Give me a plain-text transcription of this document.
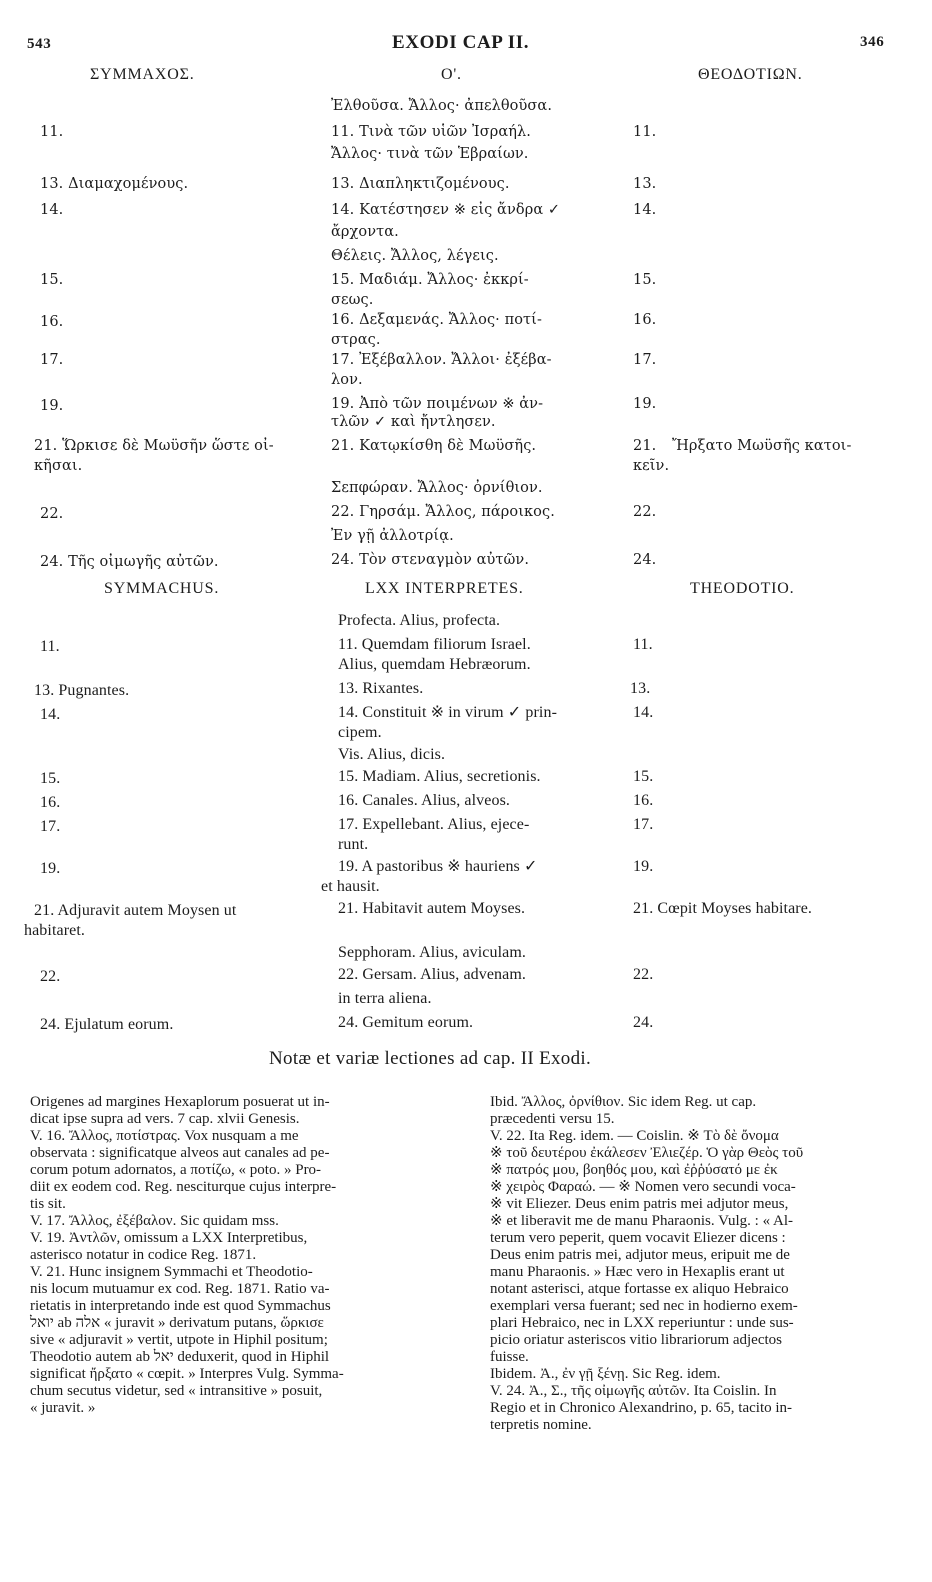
543	EXODI CAP II.	346
ΣΥΜΜΑΧΟΣ.	Ο'.	ΘΕΟΔΟΤΙΩΝ.
Ἐλθοῦσα. Ἄλλος· ἀπελθοῦσα.
11.	11. Τινὰ τῶν υἱῶν Ἰσραήλ.	11.
Ἄλλος· τινὰ τῶν Ἑβραίων.
13. Διαμαχομένους.	13. Διαπληκτιζομένους.	13.
14.	14. Κατέστησεν ※ εἰς ἄνδρα ✓	14.
ἄρχοντα.
Θέλεις. Ἄλλος, λέγεις.
15.	15. Μαδιάμ. Ἄλλος· ἐκκρί-	15.
σεως.
16.	16. Δεξαμενάς. Ἄλλος· ποτί-	16.
στρας.
17.	17. Ἐξέβαλλον. Ἄλλοι· ἐξέβα-	17.
λον.
19.	19. Ἀπὸ τῶν ποιμένων ※ ἀν-	19.
τλῶν ✓ καὶ ἤντλησεν.
21. Ὥρκισε δὲ Μωϋσῆν ὥστε οἰ-	21. Κατῳκίσθη δὲ Μωϋσῆς.	21. Ἤρξατο Μωϋσῆς κατοι-
κῆσαι.	κεῖν.
Σεπφώραν. Ἄλλος· ὀρνίθιον.
22.	22. Γηρσάμ. Ἄλλος, πάροικος.	22.
Ἐν γῇ ἀλλοτρίᾳ.
24. Τῆς οἰμωγῆς αὐτῶν.	24. Τὸν στεναγμὸν αὐτῶν.	24.
SYMMACHUS.	LXX INTERPRETES.	THEODOTIO.
Profecta. Alius, profecta.
11.	11. Quemdam filiorum Israel.	11.
Alius, quemdam Hebræorum.
13. Pugnantes.	13. Rixantes.	13.
14.	14. Constituit ※ in virum ✓ prin-	14.
cipem.
Vis. Alius, dicis.
15.	15. Madiam. Alius, secretionis.	15.
16.	16. Canales. Alius, alveos.	16.
17.	17. Expellebant. Alius, ejece-	17.
runt.
19.	19. A pastoribus ※ hauriens ✓	19.
et hausit.
21. Adjuravit autem Moysen ut	21. Habitavit autem Moyses.	21. Cœpit Moyses habitare.
habitaret.
Sepphoram. Alius, aviculam.
22.	22. Gersam. Alius, advenam.	22.
in terra aliena.
24. Ejulatum eorum.	24. Gemitum eorum.	24.
Notæ et variæ lectiones ad cap. II Exodi.
Origenes ad margines Hexaplorum posuerat ut in-
dicat ipse supra ad vers. 7 cap. xlvii Genesis.
V. 16. Ἄλλος, ποτίστρας. Vox nusquam a me
observata : significatque alveos aut canales ad pe-
corum potum adornatos, a ποτίζω, « poto. » Pro-
diit ex eodem cod. Reg. nesciturque cujus interpre-
tis sit.
V. 17. Ἄλλος, ἐξέβαλον. Sic quidam mss.
V. 19. Ἀντλῶν, omissum a LXX Interpretibus,
asterisco notatur in codice Reg. 1871.
V. 21. Hunc insignem Symmachi et Theodotio-
nis locum mutuamur ex cod. Reg. 1871. Ratio va-
rietatis in interpretando inde est quod Symmachus
יואל ab אלה « juravit » derivatum putans, ὥρκισε
sive « adjuravit » vertit, utpote in Hiphil positum;
Theodotio autem ab יאל deduxerit, quod in Hiphil
significat ἤρξατο « cœpit. » Interpres Vulg. Symma-
chum secutus videtur, sed « intransitive » posuit,
« juravit. »
Ibid. Ἄλλος, ὀρνίθιον. Sic idem Reg. ut cap.
præcedenti versu 15.
V. 22. Ita Reg. idem. — Coislin. ※ Τὸ δὲ ὄνομα
※ τοῦ δευτέρου ἐκάλεσεν Ἐλιεζέρ. Ὁ γὰρ Θεὸς τοῦ
※ πατρός μου, βοηθός μου, καὶ ἐῤῥύσατό με ἐκ
※ χειρὸς Φαραώ. — ※ Nomen vero secundi voca-
※ vit Eliezer. Deus enim patris mei adjutor meus,
※ et liberavit me de manu Pharaonis. Vulg. : « Al-
terum vero peperit, quem vocavit Eliezer dicens :
Deus enim patris mei, adjutor meus, eripuit me de
manu Pharaonis. » Hæc vero in Hexaplis erant ut
notant asterisci, atque fortasse ex aliquo Hebraico
exemplari versa fuerant; sed nec in hodierno exem-
plari Hebraico, nec in LXX reperiuntur : unde sus-
picio oriatur asteriscos vitio librariorum adjectos
fuisse.
Ibidem. Ἀ., ἐν γῇ ξένῃ. Sic Reg. idem.
V. 24. Ἀ., Σ., τῆς οἰμωγῆς αὐτῶν. Ita Coislin. In
Regio et in Chronico Alexandrino, p. 65, tacito in-
terpretis nomine.
